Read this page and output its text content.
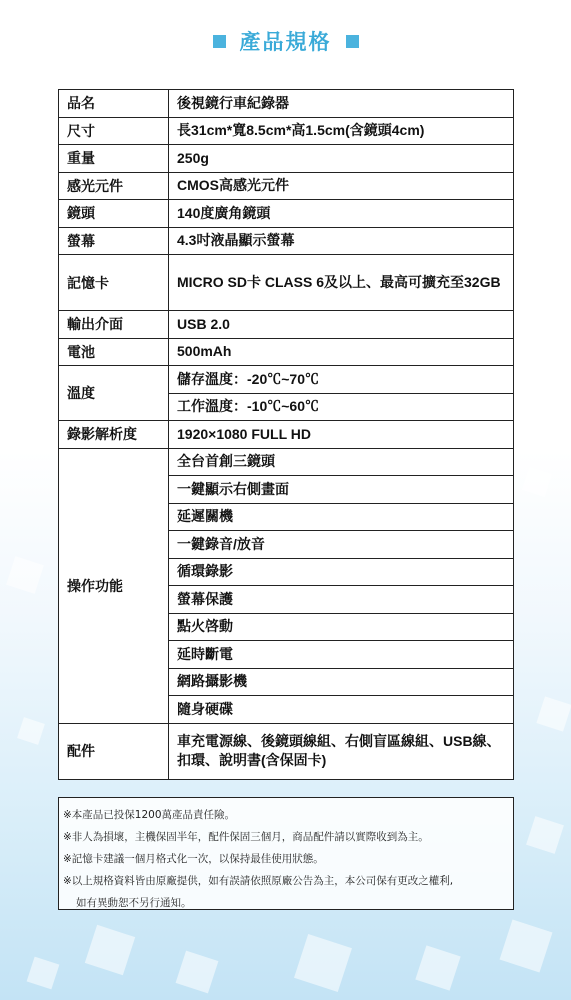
產品規格
品名	後視鏡行車紀錄器
尺寸	長31cm*寬8.5cm*高1.5cm(含鏡頭4cm)
重量	250g
感光元件	CMOS高感光元件
鏡頭	140度廣角鏡頭
螢幕	4.3吋液晶顯示螢幕
記憶卡	MICRO SD卡 CLASS 6及以上、最高可擴充至32GB
輸出介面	USB 2.0
電池	500mAh
溫度	儲存溫度：-20℃~70℃
	工作溫度：-10℃~60℃
錄影解析度	1920×1080 FULL HD
操作功能	全台首創三鏡頭
	一鍵顯示右側畫面
	延遲關機
	一鍵錄音/放音
	循環錄影
	螢幕保護
	點火啓動
	延時斷電
	網路攝影機
	隨身硬碟
配件	車充電源線、後鏡頭線組、右側盲區線組、USB線、扣環、說明書(含保固卡)
※本產品已投保1200萬產品責任險。
※非人為損壞，主機保固半年，配件保固三個月，商品配件請以實際收到為主。
※記憶卡建議一個月格式化一次，以保持最佳使用狀態。
※以上規格資料皆由原廠提供，如有誤請依照原廠公告為主，本公司保有更改之權利,
如有異動恕不另行通知。
